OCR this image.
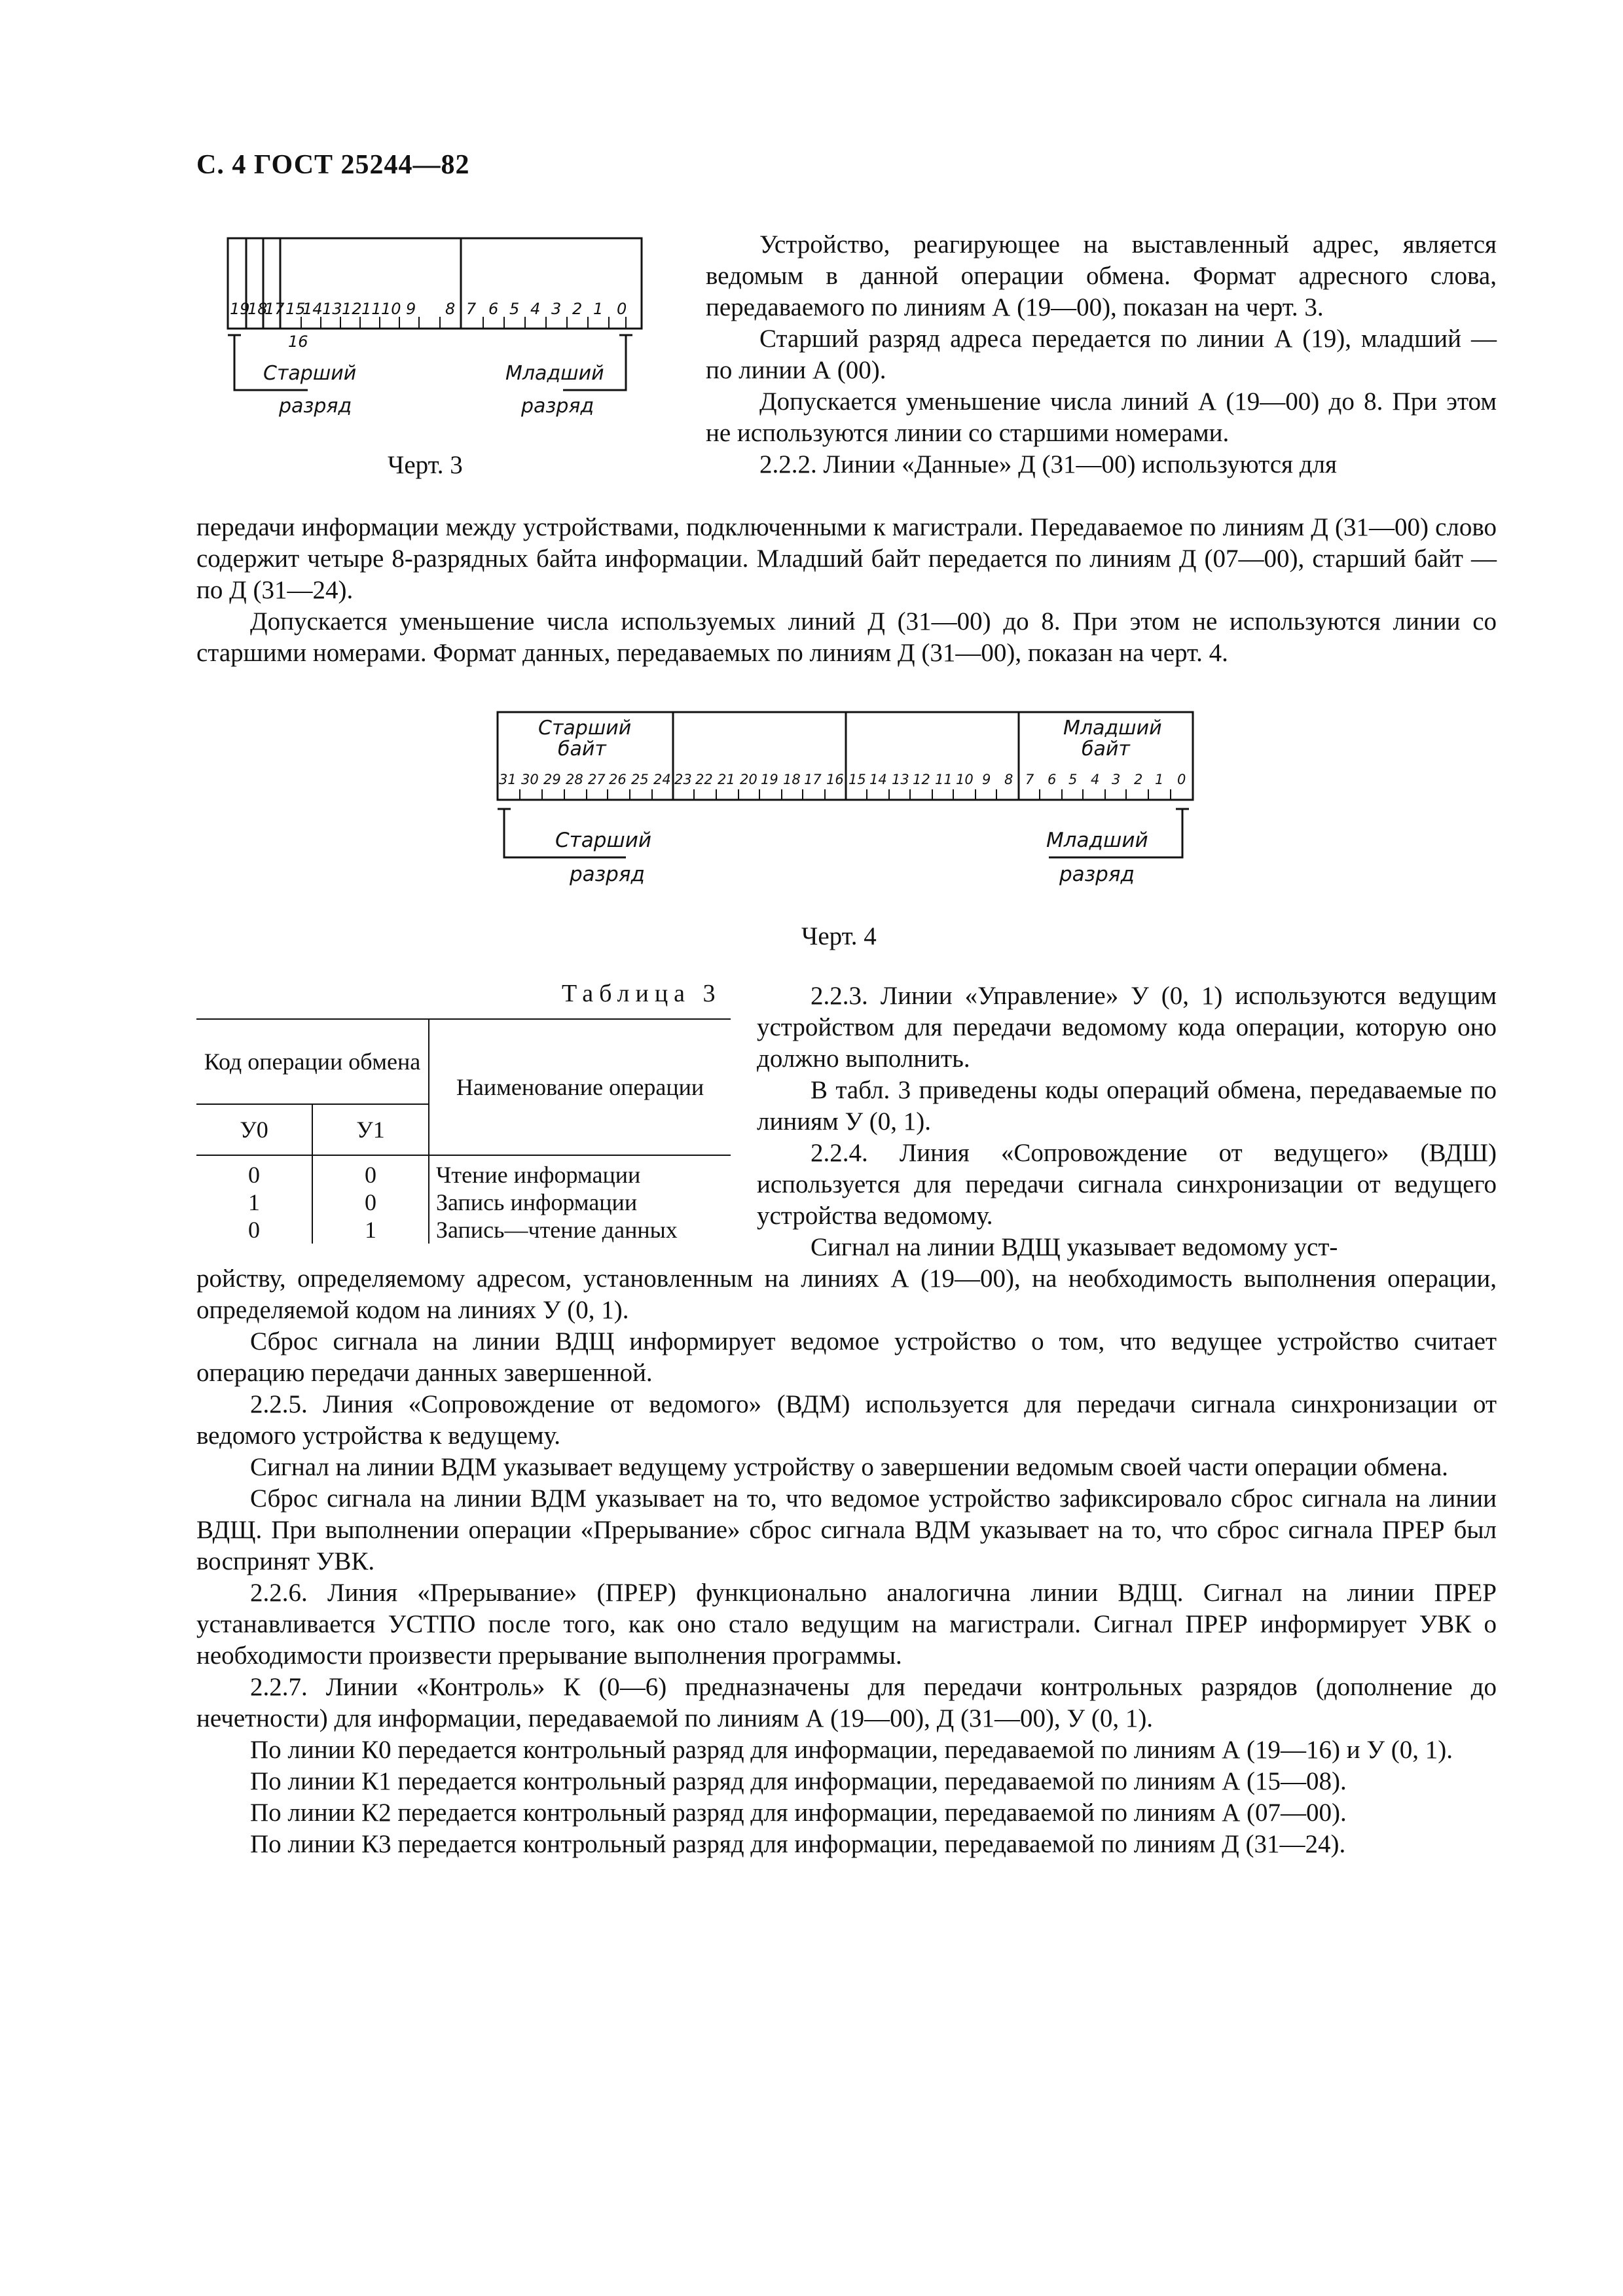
С. 4 ГОСТ 25244—82
19
18
17 15
14 13 12 11 10 9 8 7 6 5 4 3 2 1 0
16
Старший	Младший
разряд	разряд
Черт. 3

Устройство, реагирующее на выставленный адрес, является ведомым в данной операции обмена. Формат адресного слова, передаваемого по линиям А (19—00), показан на черт. 3.

Старший разряд адреса передается по линии А (19), младший — по линии А (00).

Допускается уменьшение числа линий А (19—00) до 8. При этом не используются линии со старшими номерами.

2.2.2. Линии «Данные» Д (31—00) используются для

передачи информации между устройствами, подключенными к магистрали. Передаваемое по линиям Д (31—00) слово содержит четыре 8-разрядных байта информации. Младший байт передается по линиям Д (07—00), старший байт — по Д (31—24).

Допускается уменьшение числа используемых линий Д (31—00) до 8. При этом не используются линии со старшими номерами. Формат данных, передаваемых по линиям Д (31—00), показан на черт. 4.

Старший
байт
Младший
байт
31 30 29 28 27 26 25 24 23 22 21 20 19 18 17 16 15 14 13 12 11 10 9 8 7 6 5 4 3 2 1 0
Старший	Младший
разряд	разряд
Черт. 4
Таблица 3
Код операции обмена		Наименование операции
У0	У1	

0	0	Чтение информации
1	0	Запись информации
0	1	Запись—чтение данных

2.2.3. Линии «Управление» У (0, 1) используются ведущим устройством для передачи ведомому кода операции, которую оно должно выполнить.

В табл. 3 приведены коды операций обмена, передаваемые по линиям У (0, 1).

2.2.4. Линия «Сопровождение от ведущего» (ВДШ) используется для передачи сигнала синхронизации от ведущего устройства ведомому.

Сигнал на линии ВДЩ указывает ведомому уст-

ройству, определяемому адресом, установленным на линиях А (19—00), на необходимость выполнения операции, определяемой кодом на линиях У (0, 1).

Сброс сигнала на линии ВДЩ информирует ведомое устройство о том, что ведущее устройство считает операцию передачи данных завершенной.

2.2.5. Линия «Сопровождение от ведомого» (ВДМ) используется для передачи сигнала синхронизации от ведомого устройства к ведущему.

Сигнал на линии ВДМ указывает ведущему устройству о завершении ведомым своей части операции обмена.

Сброс сигнала на линии ВДМ указывает на то, что ведомое устройство зафиксировало сброс сигнала на линии ВДЩ. При выполнении операции «Прерывание» сброс сигнала ВДМ указывает на то, что сброс сигнала ПРЕР был воспринят УВК.

2.2.6. Линия «Прерывание» (ПРЕР) функционально аналогична линии ВДЩ. Сигнал на линии ПРЕР устанавливается УСТПО после того, как оно стало ведущим на магистрали. Сигнал ПРЕР информирует УВК о необходимости произвести прерывание выполнения программы.

2.2.7. Линии «Контроль» К (0—6) предназначены для передачи контрольных разрядов (дополнение до нечетности) для информации, передаваемой по линиям А (19—00), Д (31—00), У (0, 1).

По линии К0 передается контрольный разряд для информации, передаваемой по линиям А (19—16) и У (0, 1).

По линии К1 передается контрольный разряд для информации, передаваемой по линиям А (15—08).

По линии К2 передается контрольный разряд для информации, передаваемой по линиям А (07—00).

По линии К3 передается контрольный разряд для информации, передаваемой по линиям Д (31—24).
